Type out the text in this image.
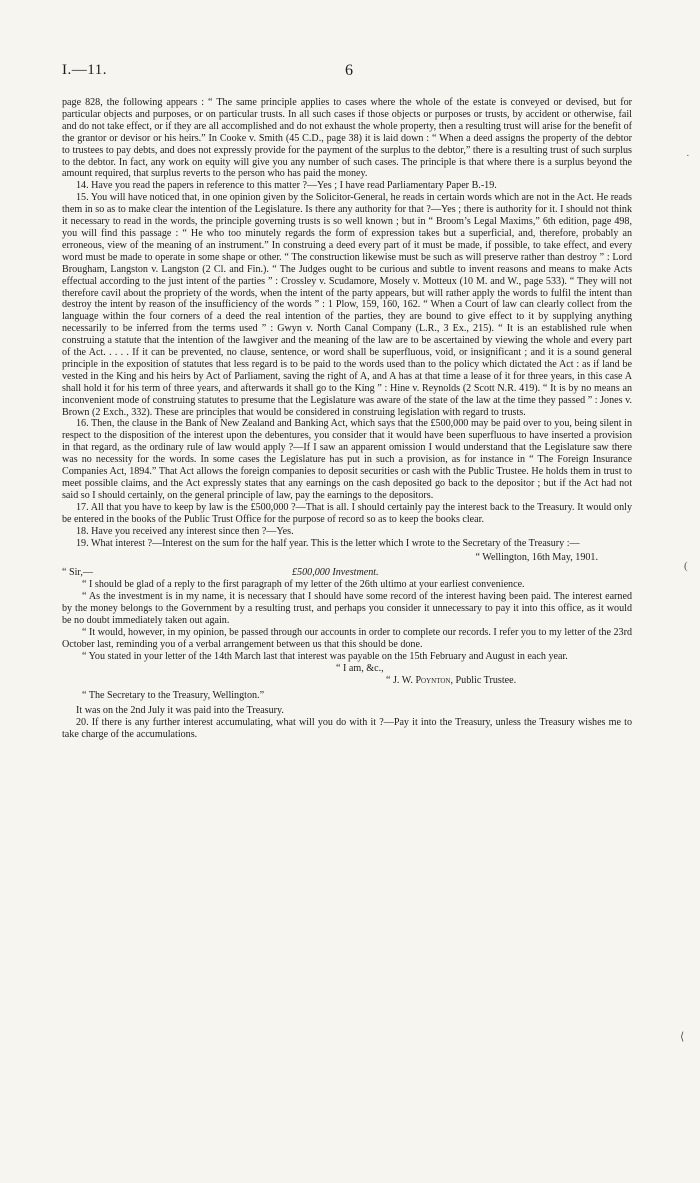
I.—11.	6

page 828, the following appears : “ The same principle applies to cases where the whole of the estate is conveyed or devised, but for particular objects and purposes, or on particular trusts. In all such cases if those objects or purposes or trusts, by accident or otherwise, fail and do not take effect, or if they are all accomplished and do not exhaust the whole property, then a resulting trust will arise for the benefit of the grantor or devisor or his heirs.” In Cooke v. Smith (45 C.D., page 38) it is laid down : “ When a deed assigns the property of the debtor to trustees to pay debts, and does not expressly provide for the payment of the surplus to the debtor,” there is a resulting trust of such surplus to the debtor. In fact, any work on equity will give you any number of such cases. The principle is that where there is a surplus beyond the amount required, that surplus reverts to the person who has paid the money.

14. Have you read the papers in reference to this matter ?—Yes ; I have read Parliamentary Paper B.-19.

15. You will have noticed that, in one opinion given by the Solicitor-General, he reads in certain words which are not in the Act. He reads them in so as to make clear the intention of the Legislature. Is there any authority for that ?—Yes ; there is authority for it. I should not think it necessary to read in the words, the principle governing trusts is so well known ; but in “ Broom’s Legal Maxims,” 6th edition, page 498, you will find this passage : “ He who too minutely regards the form of expression takes but a superficial, and, therefore, probably an erroneous, view of the meaning of an instrument.” In construing a deed every part of it must be made, if possible, to take effect, and every word must be made to operate in some shape or other. “ The construction likewise must be such as will preserve rather than destroy ” : Lord Brougham, Langston v. Langston (2 Cl. and Fin.). “ The Judges ought to be curious and subtle to invent reasons and means to make Acts effectual according to the just intent of the parties ” : Crossley v. Scudamore, Mosely v. Motteux (10 M. and W., page 533). “ They will not therefore cavil about the propriety of the words, when the intent of the party appears, but will rather apply the words to fulfil the intent than destroy the intent by reason of the insufficiency of the words ” : 1 Plow, 159, 160, 162. “ When a Court of law can clearly collect from the language within the four corners of a deed the real intention of the parties, they are bound to give effect to it by supplying anything necessarily to be inferred from the terms used ” : Gwyn v. North Canal Company (L.R., 3 Ex., 215). “ It is an established rule when construing a statute that the intention of the lawgiver and the meaning of the law are to be ascertained by viewing the whole and every part of the Act. . . . . If it can be prevented, no clause, sentence, or word shall be superfluous, void, or insignificant ; and it is a sound general principle in the exposition of statutes that less regard is to be paid to the words used than to the policy which dictated the Act : as if land be vested in the King and his heirs by Act of Parliament, saving the right of A, and A has at that time a lease of it for three years, in this case A shall hold it for his term of three years, and afterwards it shall go to the King ” : Hine v. Reynolds (2 Scott N.R. 419). “ It is by no means an inconvenient mode of construing statutes to presume that the Legislature was aware of the state of the law at the time they passed ” : Jones v. Brown (2 Exch., 332). These are principles that would be considered in construing legislation with regard to trusts.

16. Then, the clause in the Bank of New Zealand and Banking Act, which says that the £500,000 may be paid over to you, being silent in respect to the disposition of the interest upon the debentures, you consider that it would have been superfluous to have inserted a provision in that regard, as the ordinary rule of law would apply ?—If I saw an apparent omission I would understand that the Legislature saw there was no necessity for the words. In some cases the Legislature has put in such a provision, as for instance in “ The Foreign Insurance Companies Act, 1894.” That Act allows the foreign companies to deposit securities or cash with the Public Trustee. He holds them in trust to meet possible claims, and the Act expressly states that any earnings on the cash deposited go back to the depositor ; but if the Act had not said so I should certainly, on the general principle of law, pay the earnings to the depositors.

17. All that you have to keep by law is the £500,000 ?—That is all. I should certainly pay the interest back to the Treasury. It would only be entered in the books of the Public Trust Office for the purpose of record so as to keep the books clear.

18. Have you received any interest since then ?—Yes.

19. What interest ?—Interest on the sum for the half year. This is the letter which I wrote to the Secretary of the Treasury :—

“ Wellington, 16th May, 1901.

“ Sir,—	£500,000 Investment.

“ I should be glad of a reply to the first paragraph of my letter of the 26th ultimo at your earliest convenience.

“ As the investment is in my name, it is necessary that I should have some record of the interest having been paid. The interest earned by the money belongs to the Government by a resulting trust, and perhaps you consider it unnecessary to pay it into this office, as it would be no doubt immediately taken out again.

“ It would, however, in my opinion, be passed through our accounts in order to complete our records. I refer you to my letter of the 23rd October last, reminding you of a verbal arrangement between us that this should be done.

“ You stated in your letter of the 14th March last that interest was payable on the 15th February and August in each year.

“ I am, &c.,

“ J. W. Poynton, Public Trustee.

“ The Secretary to the Treasury, Wellington.”

It was on the 2nd July it was paid into the Treasury.

20. If there is any further interest accumulating, what will you do with it ?—Pay it into the Treasury, unless the Treasury wishes me to take charge of the accumulations.

·
(
⟨
